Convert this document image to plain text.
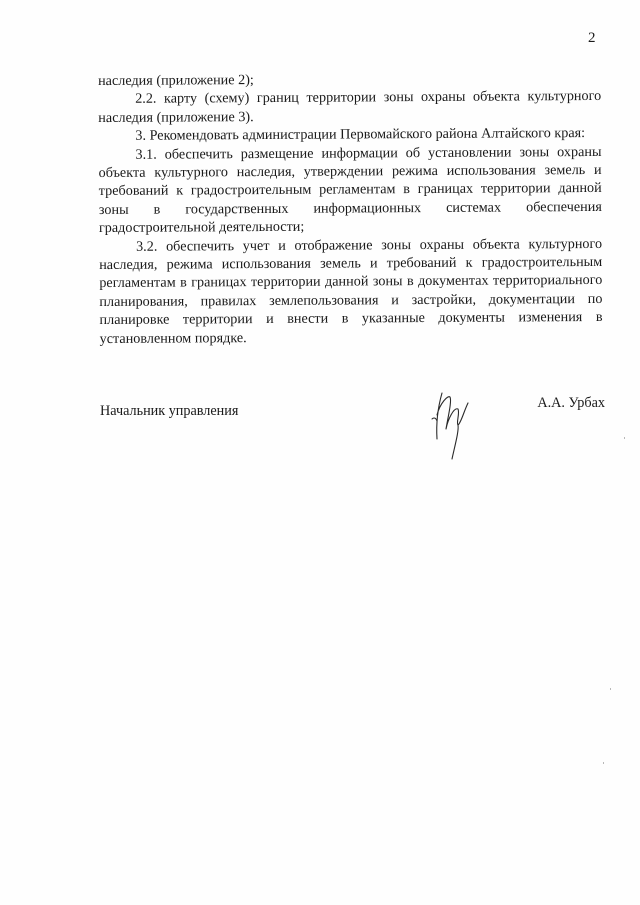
2

наследия (приложение 2);

2.2. карту (схему) границ территории зоны охраны объекта культурного наследия (приложение 3).

3. Рекомендовать администрации Первомайского района Алтайского края:

3.1. обеспечить размещение информации об установлении зоны охраны объекта культурного наследия, утверждении режима использования земель и требований к градостроительным регламентам в границах территории данной зоны в государственных информационных системах обеспечения градостроительной деятельности;

3.2. обеспечить учет и отображение зоны охраны объекта культурного наследия, режима использования земель и требований к градостроительным регламентам в границах территории данной зоны в документах территориального планирования, правилах землепользования и застройки, документации по планировке территории и внести в указанные документы изменения в установленном порядке.

Начальник управления	А.А. Урбах
